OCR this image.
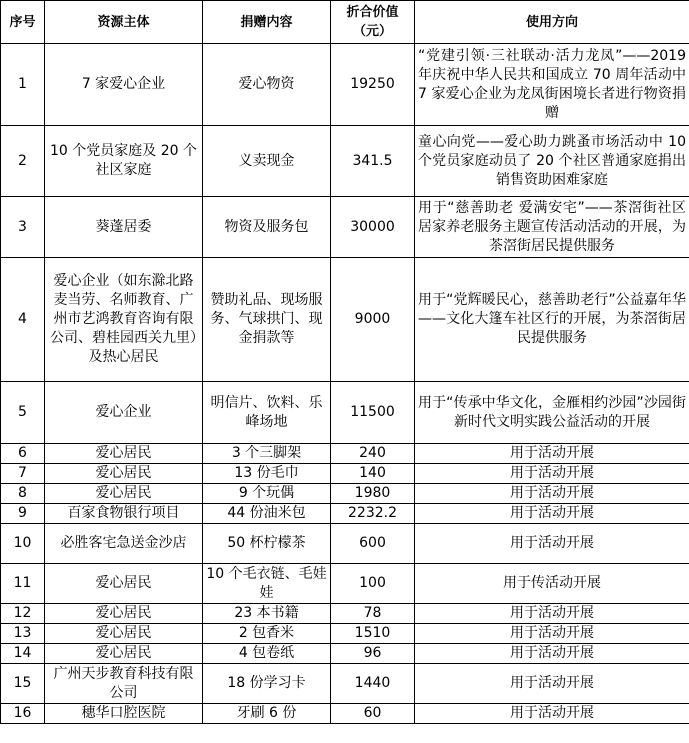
序号	资源主体	捐赠内容	折合价值（元）	使用方向
1	7 家爱心企业	爱心物资	19250	“党建引领·三社联动·活力龙凤”——2019 年庆祝中华人民共和国成立 70 周年活动中 7 家爱心企业为龙凤街困境长者进行物资捐赠
2	10 个党员家庭及 20 个社区家庭	义卖现金	341.5	童心向党——爱心助力跳蚤市场活动中 10 个党员家庭动员了 20 个社区普通家庭捐出销售资助困难家庭
3	葵蓬居委	物资及服务包	30000	用于“慈善助老 爱满安宅”——茶滘街社区居家养老服务主题宣传活动活动的开展，为茶滘街居民提供服务
4	爱心企业（如东滁北路麦当劳、名师教育、广州市艺鸿教育咨询有限公司、碧桂园西关九里）及热心居民	赞助礼品、现场服务、气球拱门、现金捐款等	9000	用于“党辉暖民心，慈善助老行”公益嘉年华——文化大篷车社区行的开展，为茶滘街居民提供服务
5	爱心企业	明信片、饮料、乐峰场地	11500	用于“传承中华文化，金雁相约沙园”沙园街新时代文明实践公益活动的开展
6	爱心居民	3 个三脚架	240	用于活动开展
7	爱心居民	13 份毛巾	140	用于活动开展
8	爱心居民	9 个玩偶	1980	用于活动开展
9	百家食物银行项目	44 份油米包	2232.2	用于活动开展
10	必胜客宅急送金沙店	50 杯柠檬茶	600	用于活动开展
11	爱心居民	10 个毛衣链、毛娃娃	100	用于传活动开展
12	爱心居民	23 本书籍	78	用于活动开展
13	爱心居民	2 包香米	1510	用于活动开展
14	爱心居民	4 包卷纸	96	用于活动开展
15	广州天步教育科技有限公司	18 份学习卡	1440	用于活动开展
16	穗华口腔医院	牙刷 6 份	60	用于活动开展
